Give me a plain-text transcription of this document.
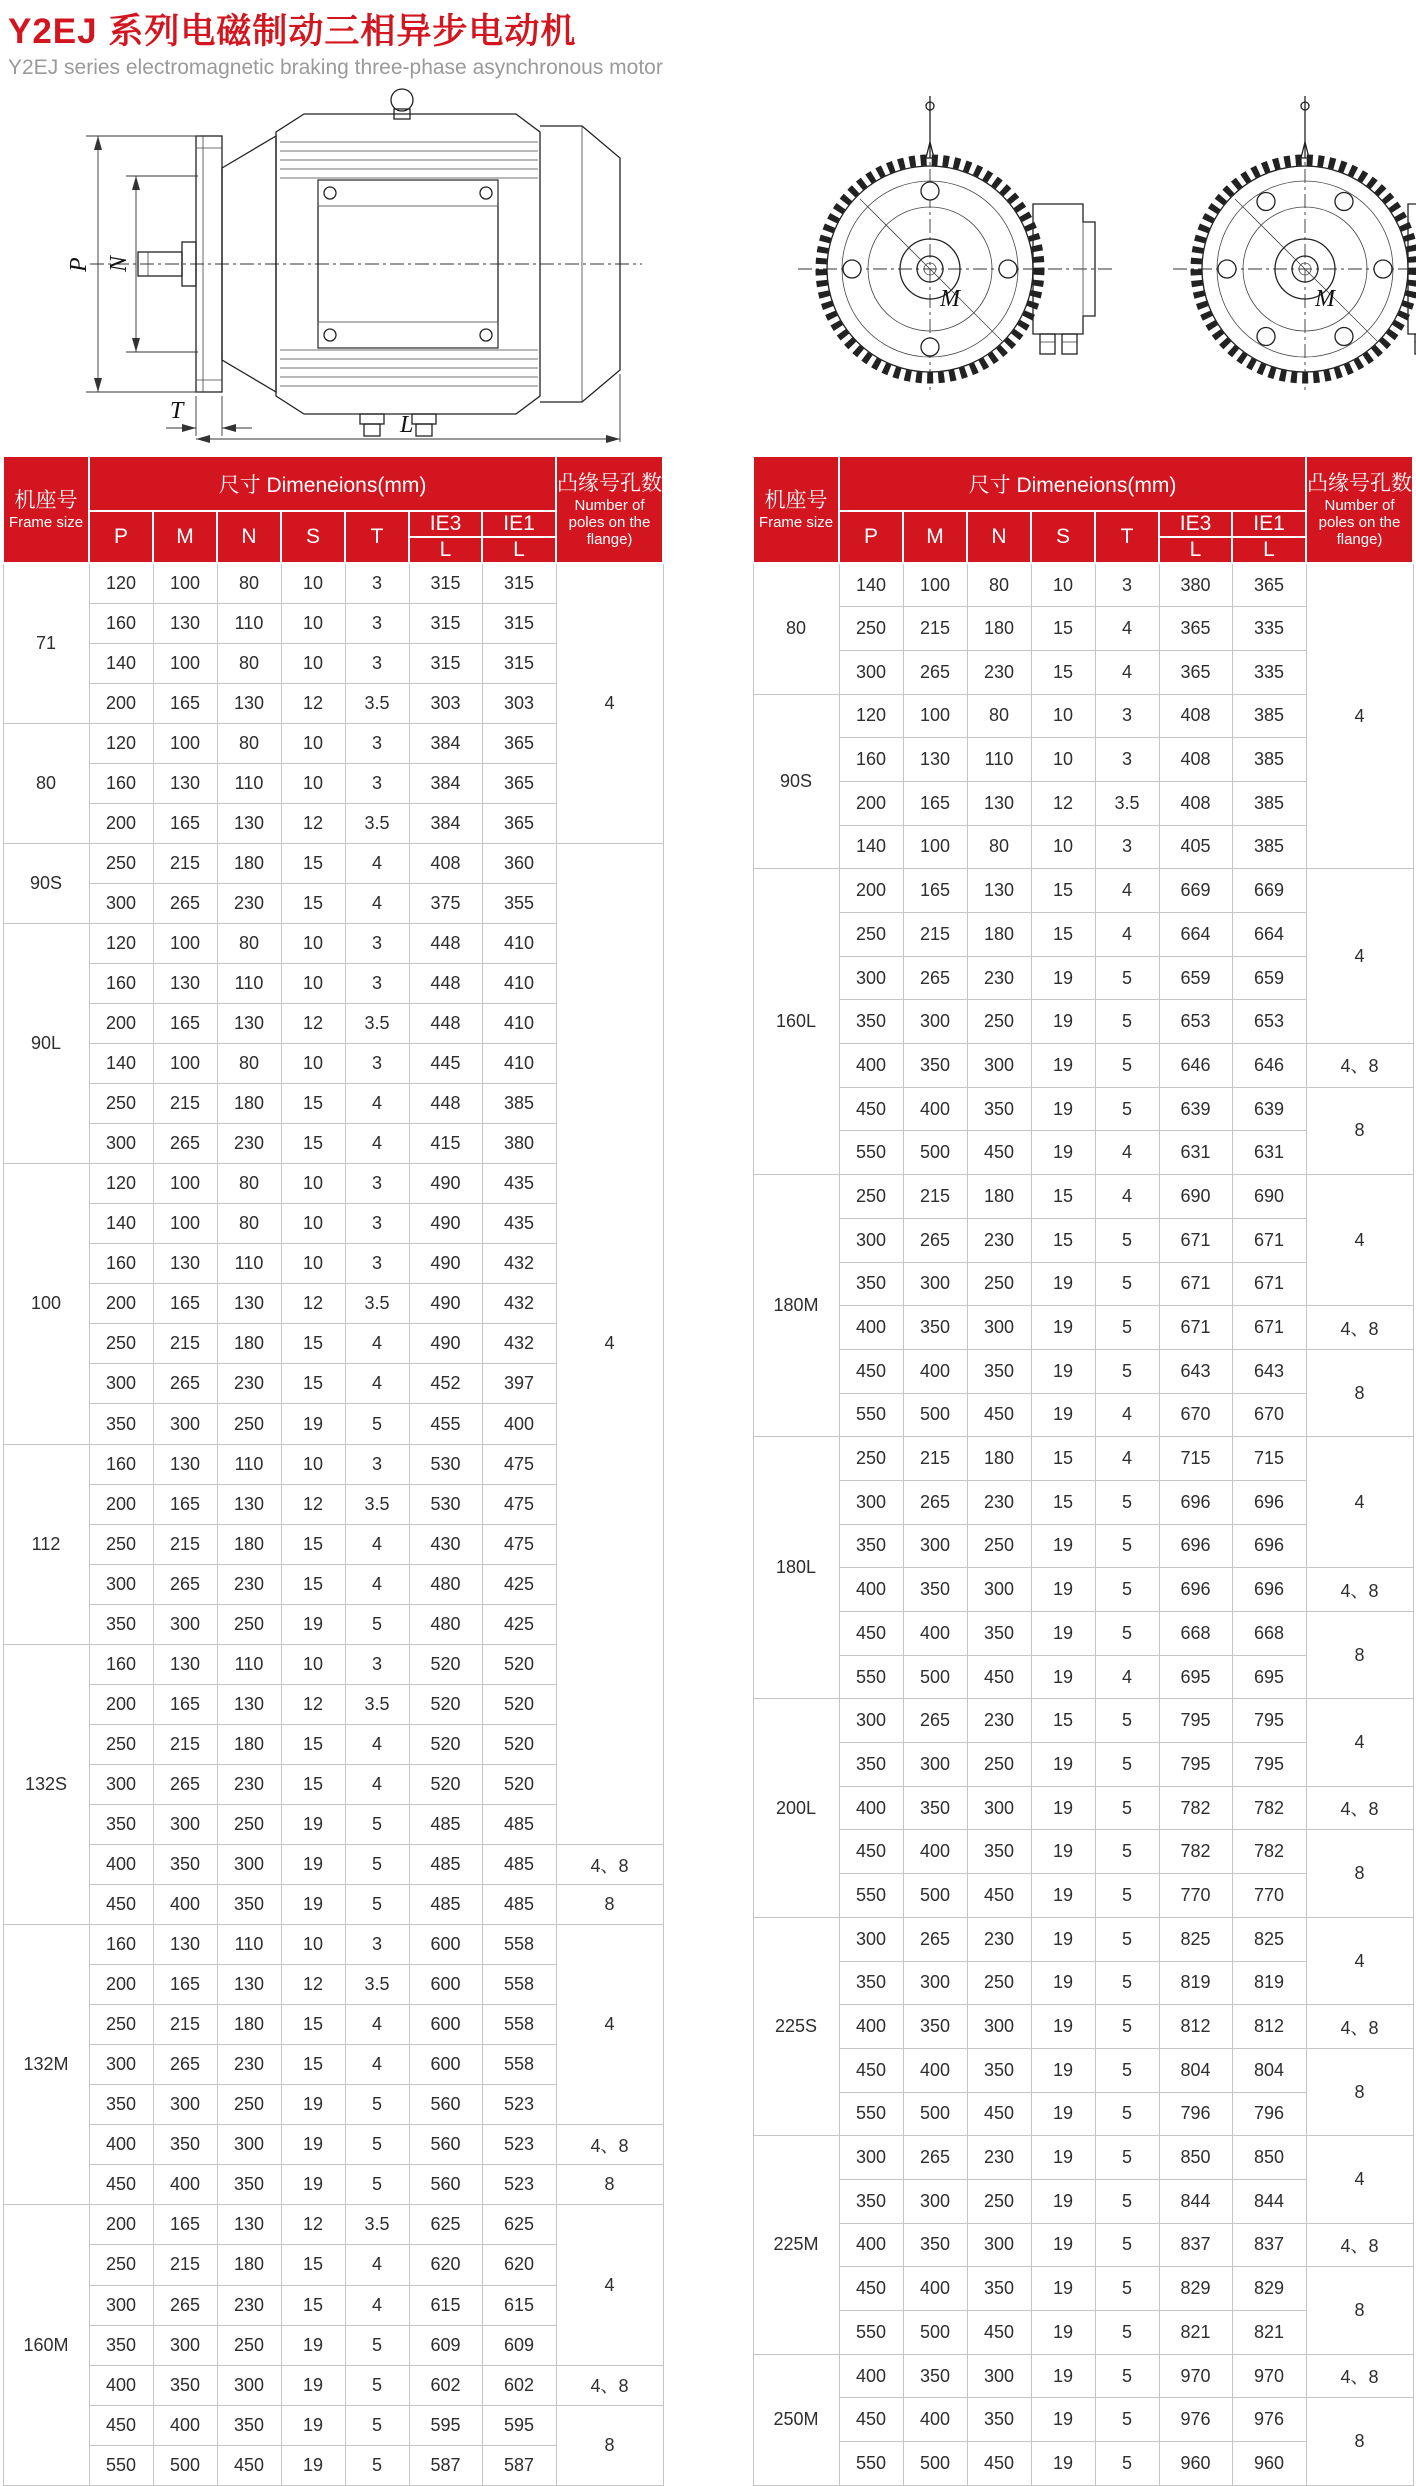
Y2EJ 系列电磁制动三相异步电动机
Y2EJ series electromagnetic braking three-phase asynchronous motor
P N
T
L
M	M
机座号
Frame size	尺寸 Dimeneions(mm)							凸缘号孔数
Number of poles on the flange)

	P	M	N	S	T	IE3	IE1	
						L	L	
71	120	100	80	10	3	315	315	4
	160	130	110	10	3	315	315	
	140	100	80	10	3	315	315	
	200	165	130	12	3.5	303	303	
80	120	100	80	10	3	384	365	
	160	130	110	10	3	384	365	
	200	165	130	12	3.5	384	365	
90S	250	215	180	15	4	408	360	4
	300	265	230	15	4	375	355	
90L	120	100	80	10	3	448	410	
	160	130	110	10	3	448	410	
	200	165	130	12	3.5	448	410	
	140	100	80	10	3	445	410	
	250	215	180	15	4	448	385	
	300	265	230	15	4	415	380	
100	120	100	80	10	3	490	435	
	140	100	80	10	3	490	435	
	160	130	110	10	3	490	432	
	200	165	130	12	3.5	490	432	
	250	215	180	15	4	490	432	
	300	265	230	15	4	452	397	
	350	300	250	19	5	455	400	
112	160	130	110	10	3	530	475	
	200	165	130	12	3.5	530	475	
	250	215	180	15	4	430	475	
	300	265	230	15	4	480	425	
	350	300	250	19	5	480	425	
132S	160	130	110	10	3	520	520	
	200	165	130	12	3.5	520	520	
	250	215	180	15	4	520	520	
	300	265	230	15	4	520	520	
	350	300	250	19	5	485	485	
	400	350	300	19	5	485	485	4、8
	450	400	350	19	5	485	485	8
132M	160	130	110	10	3	600	558	4
	200	165	130	12	3.5	600	558	
	250	215	180	15	4	600	558	
	300	265	230	15	4	600	558	
	350	300	250	19	5	560	523	
	400	350	300	19	5	560	523	4、8
	450	400	350	19	5	560	523	8
160M	200	165	130	12	3.5	625	625	4
	250	215	180	15	4	620	620	
	300	265	230	15	4	615	615	
	350	300	250	19	5	609	609	
	400	350	300	19	5	602	602	4、8
	450	400	350	19	5	595	595	8
	550	500	450	19	5	587	587	
机座号
Frame size	尺寸 Dimeneions(mm)							凸缘号孔数
Number of poles on the flange)

	P	M	N	S	T	IE3	IE1	
						L	L	
80	140	100	80	10	3	380	365	4
	250	215	180	15	4	365	335	
	300	265	230	15	4	365	335	
90S	120	100	80	10	3	408	385	
	160	130	110	10	3	408	385	
	200	165	130	12	3.5	408	385	
	140	100	80	10	3	405	385	
160L	200	165	130	15	4	669	669	4
	250	215	180	15	4	664	664	
	300	265	230	19	5	659	659	
	350	300	250	19	5	653	653	
	400	350	300	19	5	646	646	4、8
	450	400	350	19	5	639	639	8
	550	500	450	19	4	631	631	
180M	250	215	180	15	4	690	690	4
	300	265	230	15	5	671	671	
	350	300	250	19	5	671	671	
	400	350	300	19	5	671	671	4、8
	450	400	350	19	5	643	643	8
	550	500	450	19	4	670	670	
180L	250	215	180	15	4	715	715	4
	300	265	230	15	5	696	696	
	350	300	250	19	5	696	696	
	400	350	300	19	5	696	696	4、8
	450	400	350	19	5	668	668	8
	550	500	450	19	4	695	695	
200L	300	265	230	15	5	795	795	4
	350	300	250	19	5	795	795	
	400	350	300	19	5	782	782	4、8
	450	400	350	19	5	782	782	8
	550	500	450	19	5	770	770	
225S	300	265	230	19	5	825	825	4
	350	300	250	19	5	819	819	
	400	350	300	19	5	812	812	4、8
	450	400	350	19	5	804	804	8
	550	500	450	19	5	796	796	
225M	300	265	230	19	5	850	850	4
	350	300	250	19	5	844	844	
	400	350	300	19	5	837	837	4、8
	450	400	350	19	5	829	829	8
	550	500	450	19	5	821	821	
250M	400	350	300	19	5	970	970	4、8
	450	400	350	19	5	976	976	8
	550	500	450	19	5	960	960	
